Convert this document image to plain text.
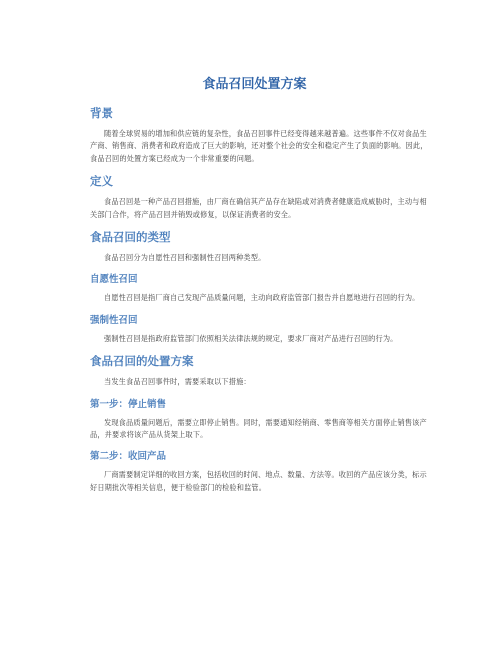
食品召回处置方案
背景
随着全球贸易的增加和供应链的复杂性，食品召回事件已经变得越来越普遍。这些事件不仅对食品生产商、销售商、消费者和政府造成了巨大的影响，还对整个社会的安全和稳定产生了负面的影响。因此，食品召回的处置方案已经成为一个非常重要的问题。
定义
食品召回是一种产品召回措施，由厂商在确信其产品存在缺陷或对消费者健康造成威胁时，主动与相关部门合作，将产品召回并销毁或修复，以保证消费者的安全。
食品召回的类型
食品召回分为自愿性召回和强制性召回两种类型。
自愿性召回
自愿性召回是指厂商自己发现产品质量问题，主动向政府监管部门报告并自愿地进行召回的行为。
强制性召回
强制性召回是指政府监管部门依照相关法律法规的规定，要求厂商对产品进行召回的行为。
食品召回的处置方案
当发生食品召回事件时，需要采取以下措施：
第一步：停止销售
发现食品质量问题后，需要立即停止销售。同时，需要通知经销商、零售商等相关方面停止销售该产品，并要求将该产品从货架上取下。
第二步：收回产品
厂商需要制定详细的收回方案，包括收回的时间、地点、数量、方法等。收回的产品应该分类，标示好日期批次等相关信息，便于检验部门的检验和监管。
